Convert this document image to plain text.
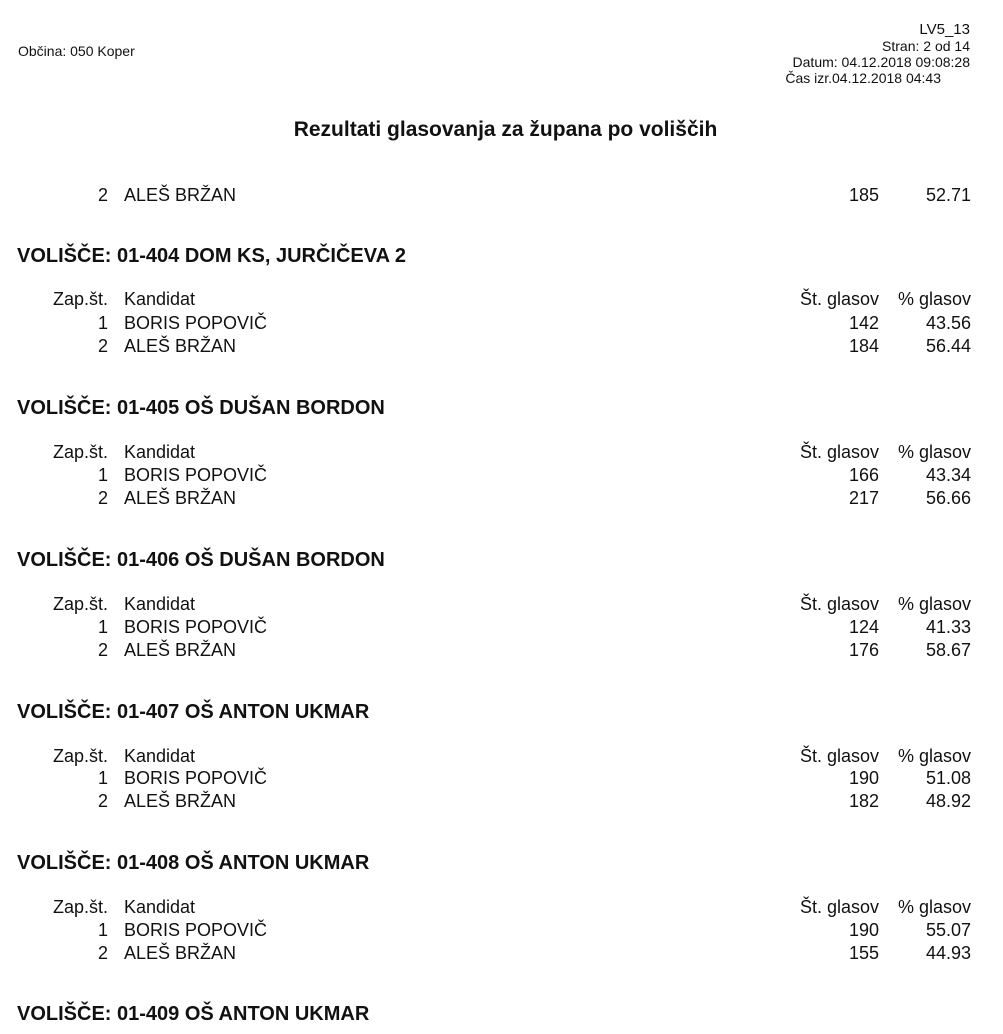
Občina: 050 Koper
LV5_13
Stran: 2 od 14
Datum: 04.12.2018 09:08:28
Čas izr.04.12.2018 04:43
Rezultati glasovanja za župana po voliščih
2 ALEŠ BRŽAN	185	52.71
VOLIŠČE: 01-404 DOM KS, JURČIČEVA 2
Zap.št. Kandidat	Št. glasov % glasov
1 BORIS POPOVIČ	142	43.56
2 ALEŠ BRŽAN	184	56.44
VOLIŠČE: 01-405 OŠ DUŠAN BORDON
Zap.št. Kandidat	Št. glasov % glasov
1 BORIS POPOVIČ	166	43.34
2 ALEŠ BRŽAN	217	56.66
VOLIŠČE: 01-406 OŠ DUŠAN BORDON
Zap.št. Kandidat	Št. glasov % glasov
1 BORIS POPOVIČ	124	41.33
2 ALEŠ BRŽAN	176	58.67
VOLIŠČE: 01-407 OŠ ANTON UKMAR
Zap.št. Kandidat	Št. glasov % glasov
1 BORIS POPOVIČ	190	51.08
2 ALEŠ BRŽAN	182	48.92
VOLIŠČE: 01-408 OŠ ANTON UKMAR
Zap.št. Kandidat	Št. glasov % glasov
1 BORIS POPOVIČ	190	55.07
2 ALEŠ BRŽAN	155	44.93
VOLIŠČE: 01-409 OŠ ANTON UKMAR
